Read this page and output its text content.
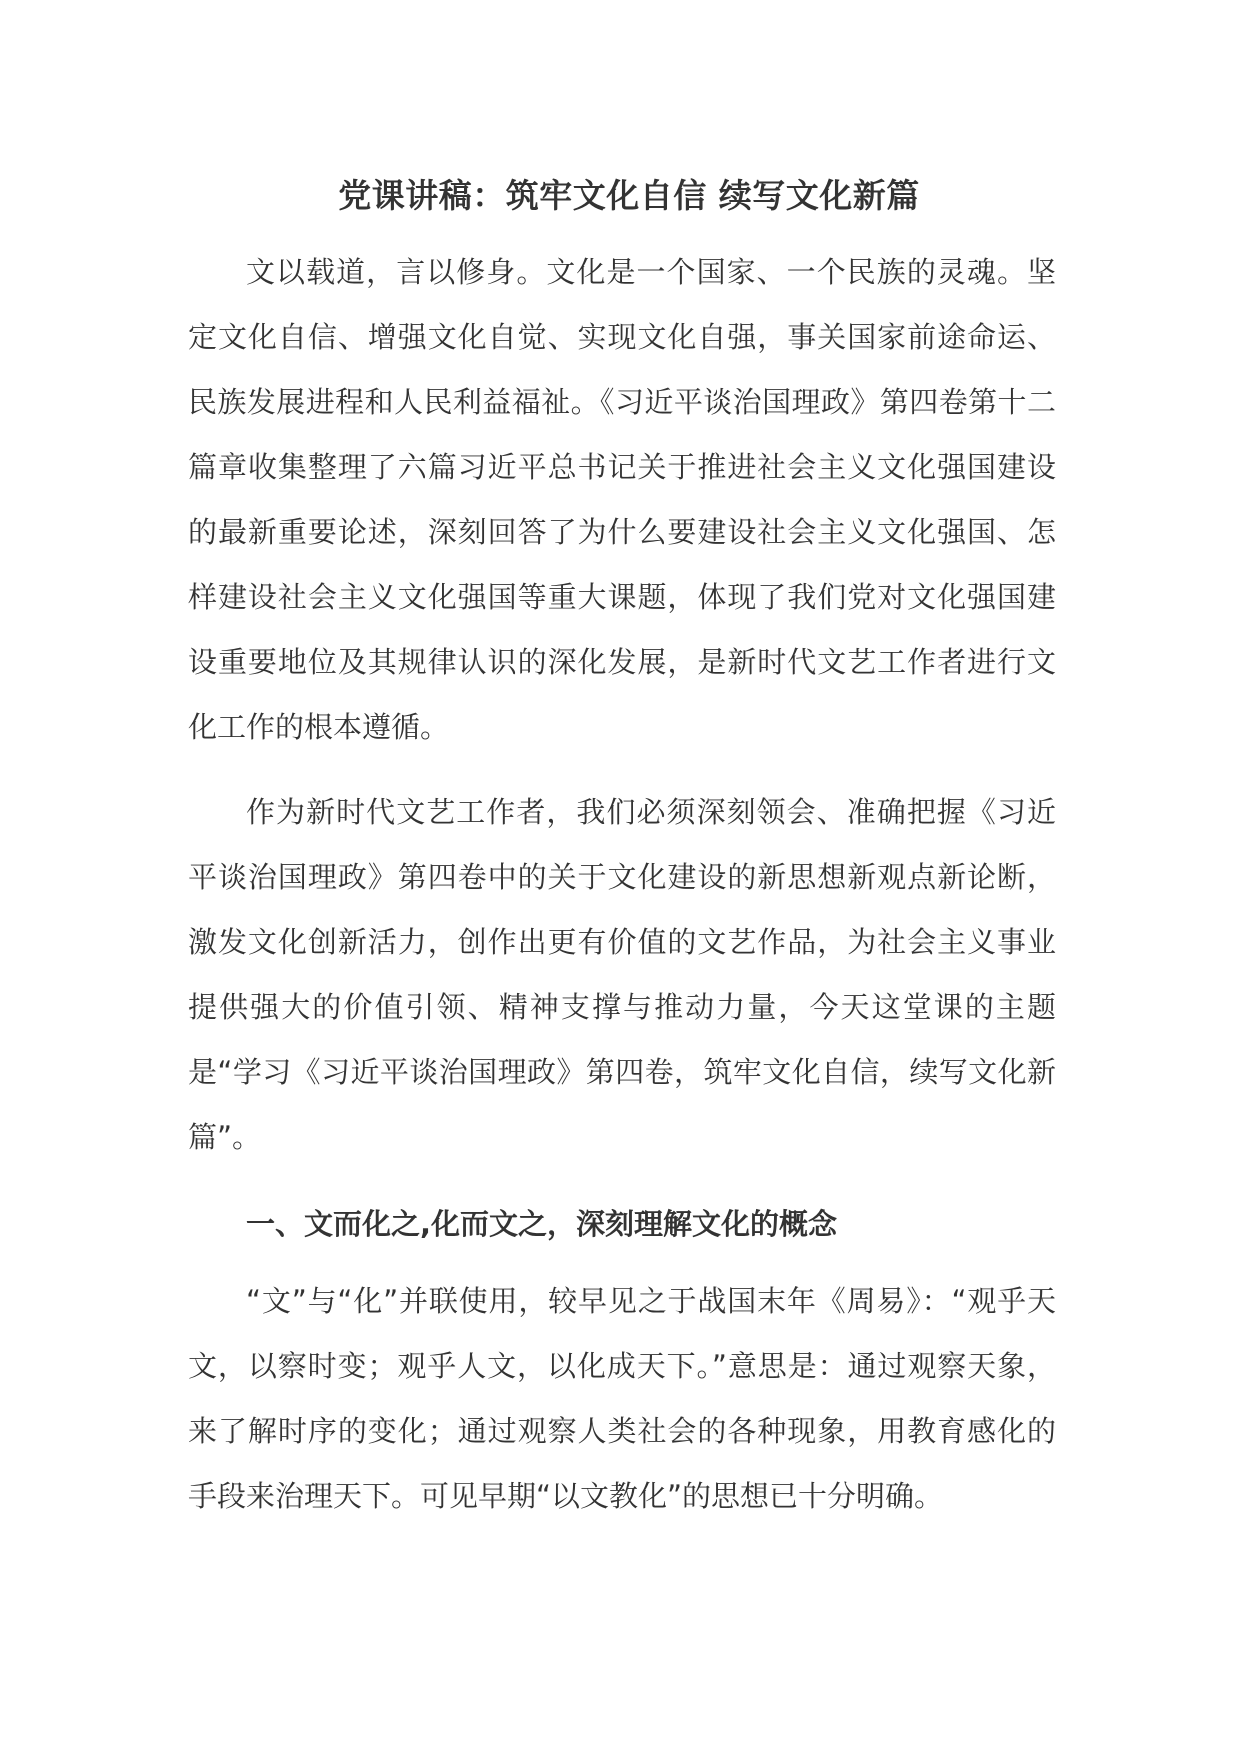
党课讲稿：筑牢文化自信 续写文化新篇

文以载道，言以修身。文化是一个国家、一个民族的灵魂。坚定文化自信、增强文化自觉、实现文化自强，事关国家前途命运、民族发展进程和人民利益福祉。《习近平谈治国理政》第四卷第十二篇章收集整理了六篇习近平总书记关于推进社会主义文化强国建设的最新重要论述，深刻回答了为什么要建设社会主义文化强国、怎样建设社会主义文化强国等重大课题，体现了我们党对文化强国建设重要地位及其规律认识的深化发展，是新时代文艺工作者进行文化工作的根本遵循。

作为新时代文艺工作者，我们必须深刻领会、准确把握《习近平谈治国理政》第四卷中的关于文化建设的新思想新观点新论断，激发文化创新活力，创作出更有价值的文艺作品，为社会主义事业提供强大的价值引领、精神支撑与推动力量，今天这堂课的主题是“学习《习近平谈治国理政》第四卷，筑牢文化自信，续写文化新篇”。

一、文而化之,化而文之，深刻理解文化的概念

“文”与“化”并联使用，较早见之于战国末年《周易》：“观乎天文，以察时变；观乎人文，以化成天下。”意思是：通过观察天象，来了解时序的变化；通过观察人类社会的各种现象，用教育感化的手段来治理天下。可见早期“以文教化”的思想已十分明确。
